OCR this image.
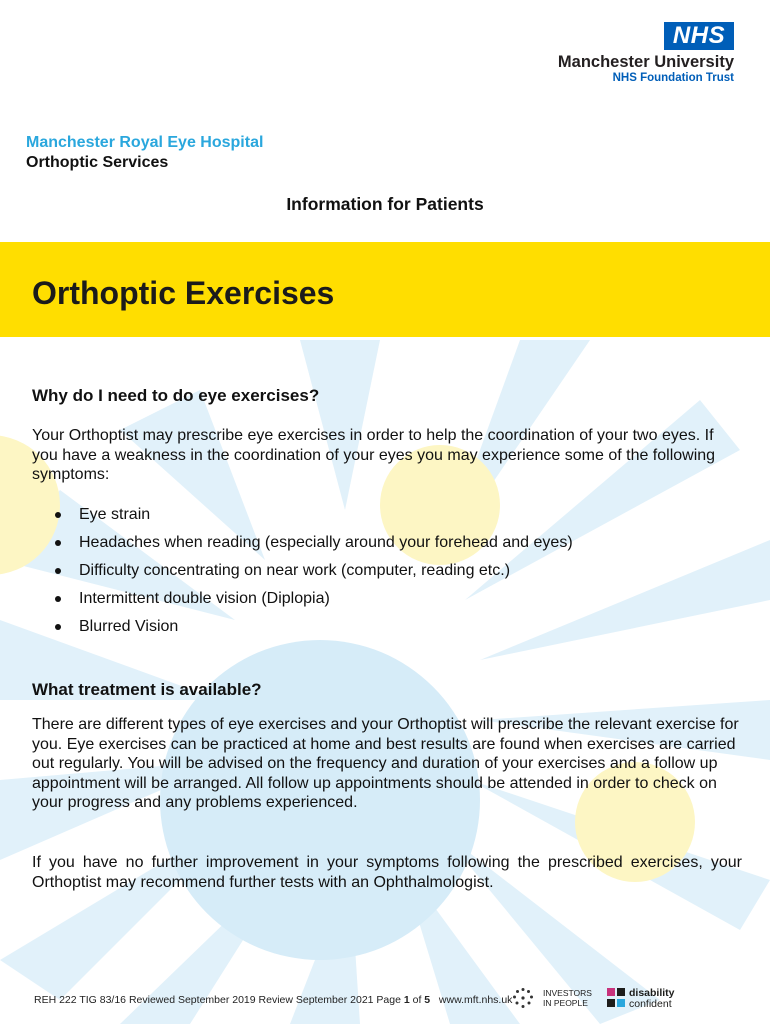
NHS
Manchester University
NHS Foundation Trust
Manchester Royal Eye Hospital
Orthoptic Services
Information for Patients
Orthoptic Exercises
Why do I need to do eye exercises?
Your Orthoptist may prescribe eye exercises in order to help the coordination of your two eyes. If you have a weakness in the coordination of your eyes you may experience some of the following symptoms:
Eye strain
Headaches when reading (especially around your forehead and eyes)
Difficulty concentrating on near work (computer, reading etc.)
Intermittent double vision (Diplopia)
Blurred Vision
What treatment is available?
There are different types of eye exercises and your Orthoptist will prescribe the relevant exercise for you. Eye exercises can be practiced at home and best results are found when exercises are carried out regularly. You will be advised on the frequency and duration of your exercises and a follow up appointment will be arranged. All follow up appointments should be attended in order to check on your progress and any problems experienced.
If you have no further improvement in your symptoms following the prescribed exercises, your Orthoptist may recommend further tests with an Ophthalmologist.
REH 222 TIG 83/16 Reviewed September 2019 Review September 2021 Page 1 of 5 www.mft.nhs.uk
INVESTORS
IN PEOPLE
disability
confident
